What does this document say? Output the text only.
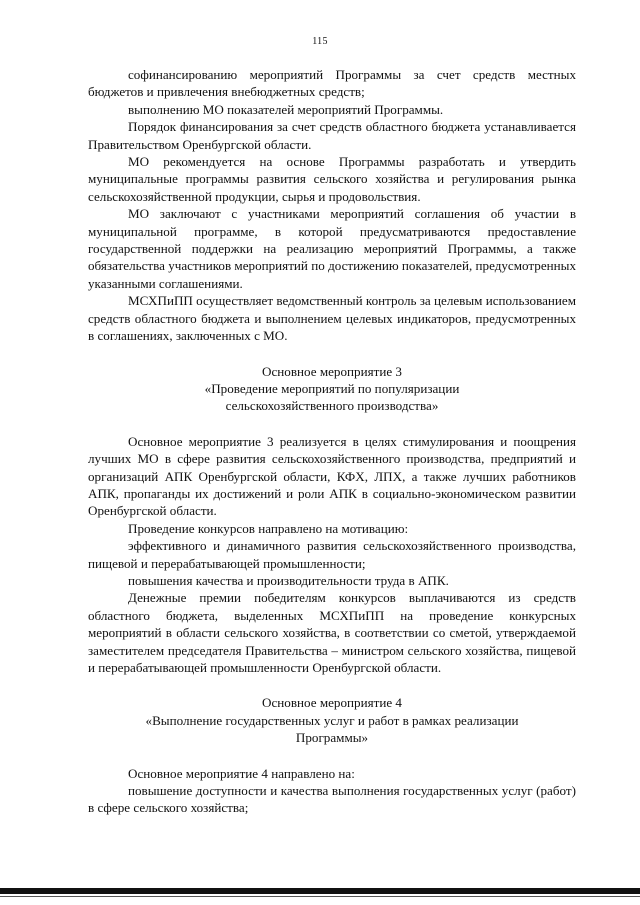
115

софинансированию мероприятий Программы за счет средств местных бюджетов и привлечения внебюджетных средств;

выполнению МО показателей мероприятий Программы.

Порядок финансирования за счет средств областного бюджета устанавливается Правительством Оренбургской области.

МО рекомендуется на основе Программы разработать и утвердить муниципальные программы развития сельского хозяйства и регулирования рынка сельскохозяйственной продукции, сырья и продовольствия.

МО заключают с участниками мероприятий соглашения об участии в муниципальной программе, в которой предусматриваются предоставление государственной поддержки на реализацию мероприятий Программы, а также обязательства участников мероприятий по достижению показателей, предусмотренных указанными соглашениями.

МСХПиПП осуществляет ведомственный контроль за целевым использованием средств областного бюджета и выполнением целевых индикаторов, предусмотренных в соглашениях, заключенных с МО.

Основное мероприятие 3

«Проведение мероприятий по популяризации

сельскохозяйственного производства»

Основное мероприятие 3 реализуется в целях стимулирования и поощрения лучших МО в сфере развития сельскохозяйственного производства, предприятий и организаций АПК Оренбургской области, КФХ, ЛПХ, а также лучших работников АПК, пропаганды их достижений и роли АПК в социально-экономическом развитии Оренбургской области.

Проведение конкурсов направлено на мотивацию:

эффективного и динамичного развития сельскохозяйственного производства, пищевой и перерабатывающей промышленности;

повышения качества и производительности труда в АПК.

Денежные премии победителям конкурсов выплачиваются из средств областного бюджета, выделенных МСХПиПП на проведение конкурсных мероприятий в области сельского хозяйства, в соответствии со сметой, утверждаемой заместителем председателя Правительства – министром сельского хозяйства, пищевой и перерабатывающей промышленности Оренбургской области.

Основное мероприятие 4

«Выполнение государственных услуг и работ в рамках реализации

Программы»

Основное мероприятие 4 направлено на:

повышение доступности и качества выполнения государственных услуг (работ) в сфере сельского хозяйства;
